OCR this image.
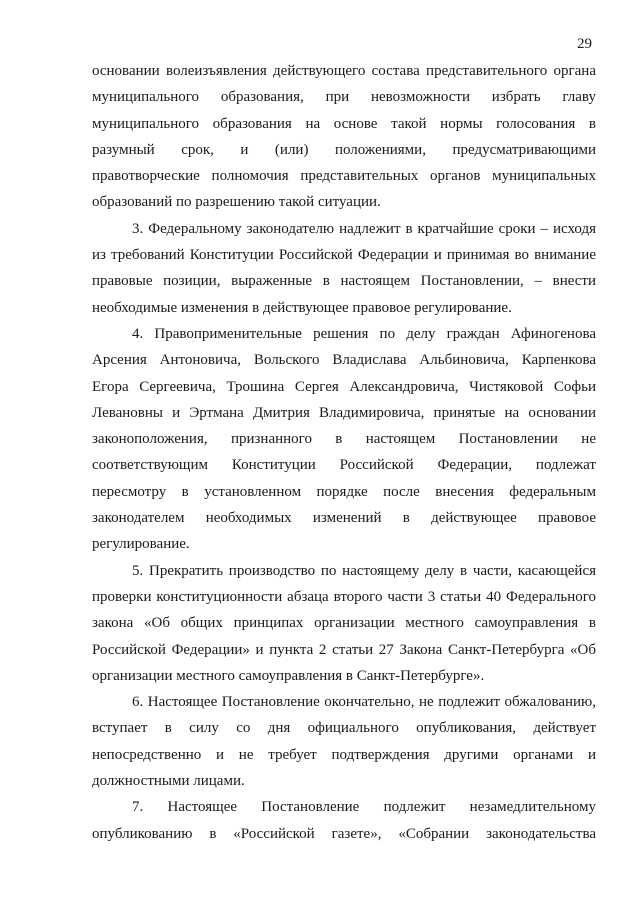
29
основании волеизъявления действующего состава представительного органа
муниципального образования, при невозможности избрать главу
муниципального образования на основе такой нормы голосования в
разумный срок, и (или) положениями, предусматривающими
правотворческие полномочия представительных органов муниципальных
образований по разрешению такой ситуации.
3. Федеральному законодателю надлежит в кратчайшие сроки – исходя
из требований Конституции Российской Федерации и принимая во внимание
правовые позиции, выраженные в настоящем Постановлении, – внести
необходимые изменения в действующее правовое регулирование.
4. Правоприменительные решения по делу граждан Афиногенова
Арсения Антоновича, Вольского Владислава Альбиновича, Карпенкова
Егора Сергеевича, Трошина Сергея Александровича, Чистяковой Софьи
Левановны и Эртмана Дмитрия Владимировича, принятые на основании
законоположения, признанного в настоящем Постановлении не
соответствующим Конституции Российской Федерации, подлежат
пересмотру в установленном порядке после внесения федеральным
законодателем необходимых изменений в действующее правовое
регулирование.
5. Прекратить производство по настоящему делу в части, касающейся
проверки конституционности абзаца второго части 3 статьи 40 Федерального
закона «Об общих принципах организации местного самоуправления в
Российской Федерации» и пункта 2 статьи 27 Закона Санкт-Петербурга «Об
организации местного самоуправления в Санкт-Петербурге».
6. Настоящее Постановление окончательно, не подлежит обжалованию,
вступает в силу со дня официального опубликования, действует
непосредственно и не требует подтверждения другими органами и
должностными лицами.
7. Настоящее Постановление подлежит незамедлительному
опубликованию в «Российской газете», «Собрании законодательства
